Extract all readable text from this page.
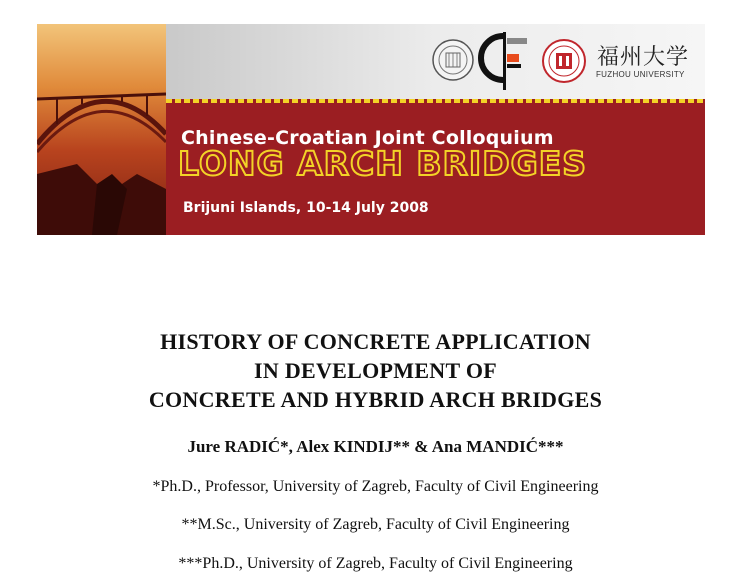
福州大学
FUZHOU UNIVERSITY
Chinese-Croatian Joint Colloquium
LONG ARCH BRIDGES
Brijuni Islands, 10-14 July 2008
HISTORY OF CONCRETE APPLICATION
IN DEVELOPMENT OF
CONCRETE AND HYBRID ARCH BRIDGES
Jure RADIĆ*, Alex KINDIJ** & Ana MANDIĆ***
*Ph.D., Professor, University of Zagreb, Faculty of Civil Engineering
**M.Sc., University of Zagreb, Faculty of Civil Engineering
***Ph.D., University of Zagreb, Faculty of Civil Engineering
